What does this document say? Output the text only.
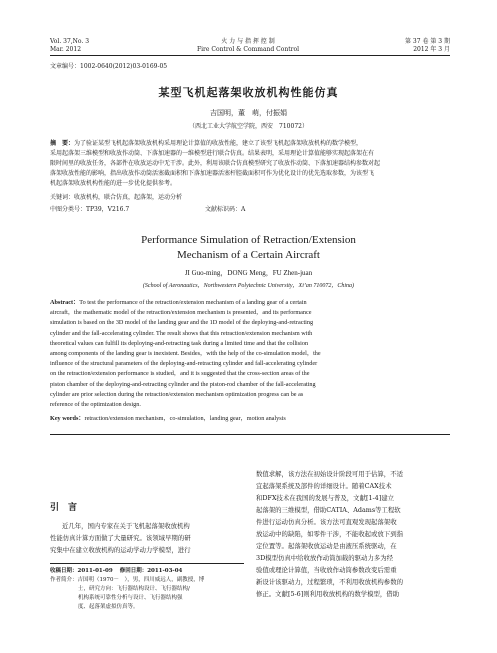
Vol. 37,No. 3
Mar. 2012
火 力 与 指 挥 控 制
Fire Control & Command Control
第 37 卷 第 3 期
2012 年 3 月
文章编号：1002-0640(2012)03-0169-05
某型飞机起落架收放机构性能仿真
吉国明，董　萌，付振娟
（西北工业大学航空学院，西安　710072）
摘　要：为了验证某型飞机起落架收放机构采用理论计算值的收放性能，建立了该型飞机起落架收放机构的数学模型，
采用起落架三维模型和收放作动筒、下落加速器的一维模型进行联合仿真。结果表明，采用理论计算值能够实现起落架在有
限时间里的收放任务，各部件在收放运动中无干涉。此外，利用该联合仿真模型研究了收放作动筒、下落加速器结构参数对起
落架收放性能的影响，指出收放作动筒活塞截面积和下落加速器活塞杆腔截面积可作为优化设计的优先选取参数，为该型飞
机起落架收放机构性能的进一步优化提供参考。
关键词：收放机构，联合仿真，起落架，运动分析
中图分类号：TP39，V216.7	文献标识码：A
Performance Simulation of Retraction/Extension
Mechanism of a Certain Aircraft
JI Guo-ming，DONG Meng，FU Zhen-juan
(School of Aeronautics，Northwestern Polytechnic University，Xi’an 710072，China)
Abstract：To test the performance of the retraction/extension mechanism of a landing gear of a certain
aircraft，the mathematic model of the retraction/extension mechanism is presented，and its performance
simulation is based on the 3D model of the landing gear and the 1D model of the deploying-and-retracting
cylinder and the fall-accelerating cylinder. The result shows that this retraction/extension mechanism with
theoretical values can fulfill its deploying-and-retracting task during a limited time and that the collision
among components of the landing gear is inexistent. Besides，with the help of the co-simulation model，the
influence of the structural parameters of the deploying-and-retracting cylinder and fall-accelerating cylinder
on the retraction/extension performance is studied，and it is suggested that the cross-section areas of the
piston chamber of the deploying-and-retracting cylinder and the piston-rod chamber of the fall-accelerating
cylinder are prior selection during the retraction/extension mechanism optimization progress can be as
reference of the optimization design.
Key words：retraction/extension mechanism，co-simulation，landing gear，motion analysis
引　言
近几年，国内专家在关于飞机起落架收放机构
性能仿真计算方面做了大量研究。该领域早期的研
究集中在建立收放机构的运动学动力学模型，进行
收稿日期：2011-01-09 修回日期：2011-03-04
作者简介：吉国明（1970－　），男，四川威远人，副教授，博
士，研究方向：飞行器结构设计、飞行器结构/
机构系统可靠性分析与设计、飞行器结构强
度、起落架虚拟仿真等。
数值求解，该方法在初始设计阶段可用于估算，不适
宜起落架系统及部件的详细设计。随着CAX技术
和DFX技术在我国的发展与普及，文献[1-4]建立
起落架的三维模型，借助CATIA、Adams等工程软
件进行运动仿真分析。该方法可直观发现起落架收
放运动中的缺陷，如零件干涉，不能收起或放下到指
定位置等。起落架收放运动是由液压系统驱动，在
3D模型仿真中给收放作动筒加载的驱动力多为经
验值或理论计算值，当收放作动筒参数改变后需重
新设计该驱动力，过程繁琐，不利用收放机构参数的
修正。文献[5-6]则利用收放机构的数学模型，借助
